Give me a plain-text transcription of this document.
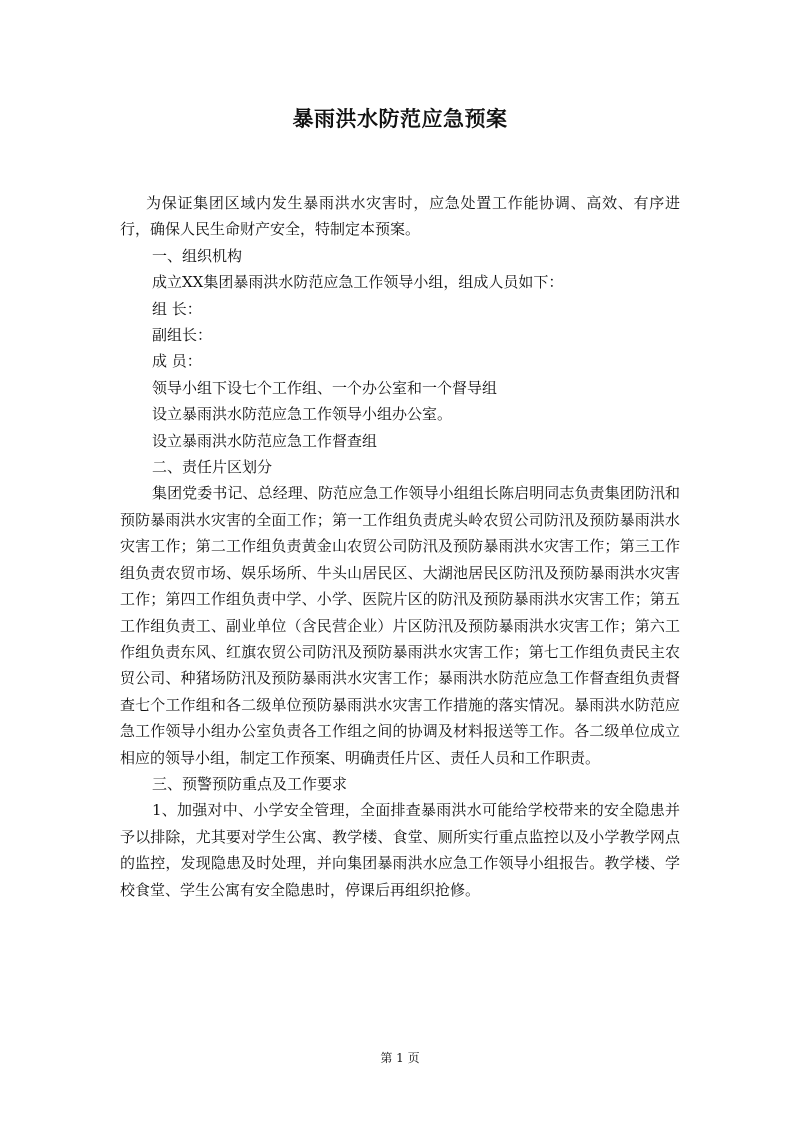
暴雨洪水防范应急预案

为保证集团区域内发生暴雨洪水灾害时，应急处置工作能协调、高效、有序进行，确保人民生命财产安全，特制定本预案。

一、组织机构

成立XX集团暴雨洪水防范应急工作领导小组，组成人员如下：

组 长：

副组长：

成 员：

领导小组下设七个工作组、一个办公室和一个督导组

设立暴雨洪水防范应急工作领导小组办公室。

设立暴雨洪水防范应急工作督查组

二、责任片区划分

集团党委书记、总经理、防范应急工作领导小组组长陈启明同志负责集团防汛和预防暴雨洪水灾害的全面工作；第一工作组负责虎头岭农贸公司防汛及预防暴雨洪水灾害工作；第二工作组负责黄金山农贸公司防汛及预防暴雨洪水灾害工作；第三工作组负责农贸市场、娱乐场所、牛头山居民区、大湖池居民区防汛及预防暴雨洪水灾害工作；第四工作组负责中学、小学、医院片区的防汛及预防暴雨洪水灾害工作；第五工作组负责工、副业单位（含民营企业）片区防汛及预防暴雨洪水灾害工作；第六工作组负责东风、红旗农贸公司防汛及预防暴雨洪水灾害工作；第七工作组负责民主农贸公司、种猪场防汛及预防暴雨洪水灾害工作；暴雨洪水防范应急工作督查组负责督查七个工作组和各二级单位预防暴雨洪水灾害工作措施的落实情况。暴雨洪水防范应急工作领导小组办公室负责各工作组之间的协调及材料报送等工作。各二级单位成立相应的领导小组，制定工作预案、明确责任片区、责任人员和工作职责。

三、预警预防重点及工作要求

1、加强对中、小学安全管理，全面排查暴雨洪水可能给学校带来的安全隐患并予以排除，尤其要对学生公寓、教学楼、食堂、厕所实行重点监控以及小学教学网点的监控，发现隐患及时处理，并向集团暴雨洪水应急工作领导小组报告。教学楼、学校食堂、学生公寓有安全隐患时，停课后再组织抢修。

第 1 页
